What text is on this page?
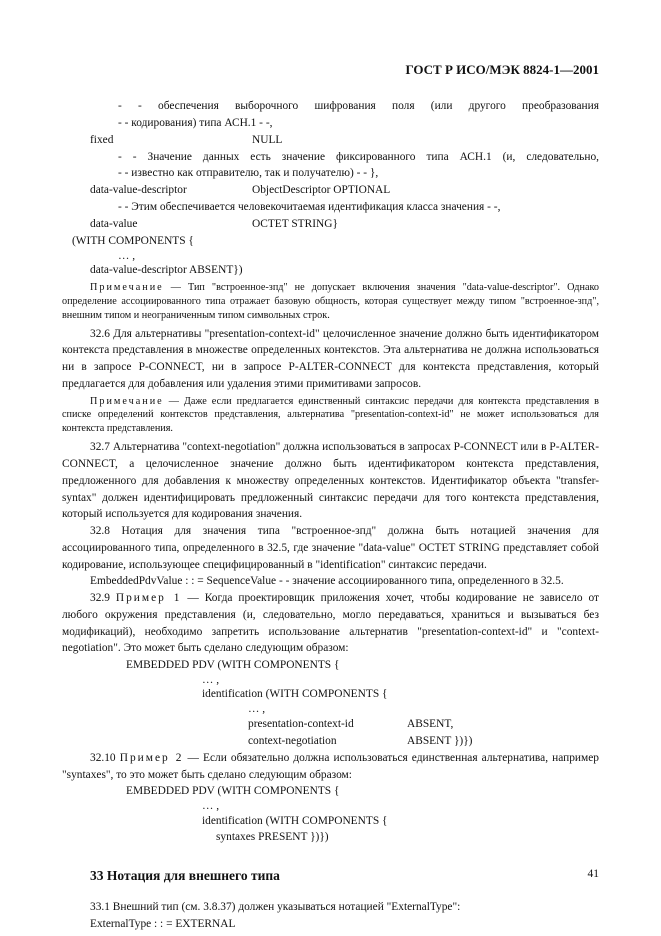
ГОСТ Р ИСО/МЭК 8824-1—2001

- - обеспечения выборочного шифрования поля (или другого преобразования

- - кодирования) типа АСН.1 - -,

fixed	NULL

- - Значение данных есть значение фиксированного типа АСН.1 (и, следовательно,

- - известно как отправителю, так и получателю) - - },

data-value-descriptor	ObjectDescriptor OPTIONAL

- - Этим обеспечивается человекочитаемая идентификация класса значения - -,

data-value	OCTET STRING}

(WITH COMPONENTS {

… ,

data-value-descriptor ABSENT})

Примечание — Тип "встроенное-зпд" не допускает включения значения "data-value-descriptor". Однако определение ассоциированного типа отражает базовую общность, которая существует между типом "встроенное-зпд", внешним типом и неограниченным типом символьных строк.

32.6 Для альтернативы "presentation-context-id" целочисленное значение должно быть идентификатором контекста представления в множестве определенных контекстов. Эта альтернатива не должна использоваться ни в запросе P-CONNECT, ни в запросе P-ALTER-CONNECT для контекста представления, который предлагается для добавления или удаления этими примитивами запросов.

Примечание — Даже если предлагается единственный синтаксис передачи для контекста представления в списке определений контекстов представления, альтернатива "presentation-context-id" не может использоваться для контекста представления.

32.7 Альтернатива "context-negotiation" должна использоваться в запросах P-CONNECT или в P-ALTER-CONNECT, а целочисленное значение должно быть идентификатором контекста представления, предложенного для добавления к множеству определенных контекстов. Идентификатор объекта "transfer-syntax" должен идентифицировать предложенный синтаксис передачи для того контекста представления, который используется для кодирования значения.

32.8 Нотация для значения типа "встроенное-зпд" должна быть нотацией значения для ассоциированного типа, определенного в 32.5, где значение "data-value" OCTET STRING представляет собой кодирование, использующее специфицированный в "identification" синтаксис передачи.

EmbeddedPdvValue : : = SequenceValue - - значение ассоциированного типа, определенного в 32.5.

32.9 Пример 1 — Когда проектировщик приложения хочет, чтобы кодирование не зависело от любого окружения представления (и, следовательно, могло передаваться, храниться и вызываться без модификаций), необходимо запретить использование альтернатив "presentation-context-id" и "context-negotiation". Это может быть сделано следующим образом:

EMBEDDED PDV (WITH COMPONENTS {

… ,

identification (WITH COMPONENTS {

… ,

presentation-context-id	ABSENT,
context-negotiation	ABSENT })})

32.10 Пример 2 — Если обязательно должна использоваться единственная альтернатива, например "syntaxes", то это может быть сделано следующим образом:

EMBEDDED PDV (WITH COMPONENTS {

… ,

identification (WITH COMPONENTS {

syntaxes PRESENT })})

33 Нотация для внешнего типа

33.1 Внешний тип (см. 3.8.37) должен указываться нотацией "ExternalType":

ExternalType : : = EXTERNAL

41
